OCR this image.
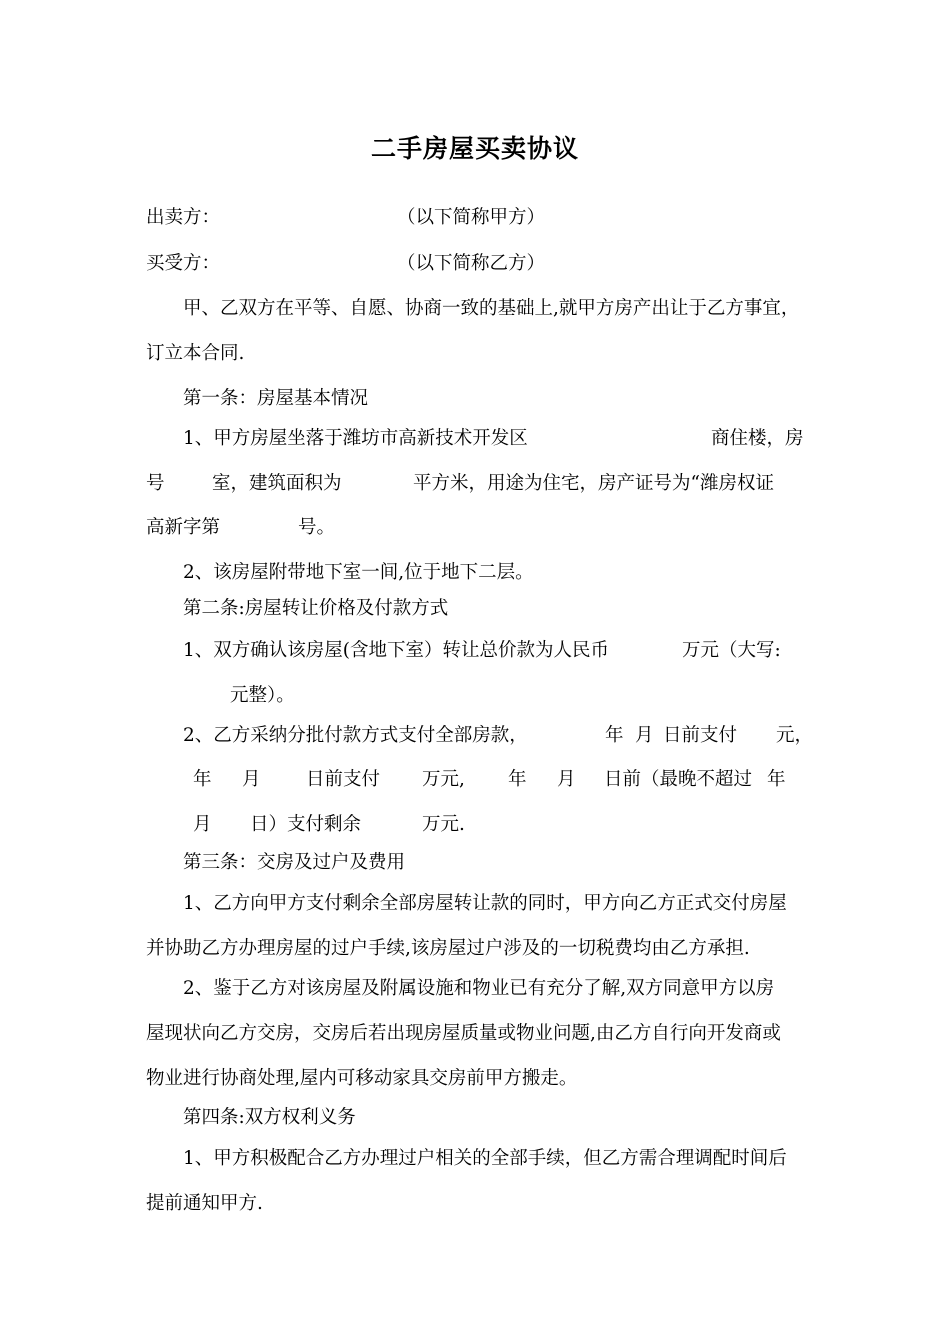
二手房屋买卖协议
出卖方：	（以下简称甲方）
买受方：	（以下简称乙方）
甲、乙双方在平等、自愿、协商一致的基础上,就甲方房产出让于乙方事宜，
订立本合同.
第一条：房屋基本情况
1、甲方房屋坐落于潍坊市高新技术开发区	商住楼，房
号	室，建筑面积为	平方米，用途为住宅，房产证号为“潍房权证
高新字第	号。
2、该房屋附带地下室一间,位于地下二层。
第二条:房屋转让价格及付款方式
1、双方确认该房屋(含地下室）转让总价款为人民币	万元（大写:
元整）。
2、乙方采纳分批付款方式支付全部房款，	年 月 日前支付 元，
年 月 日前支付 万元, 年 月 日前（最晚不超过 年
月 日）支付剩余	万元.
第三条：交房及过户及费用
1、乙方向甲方支付剩余全部房屋转让款的同时，甲方向乙方正式交付房屋
并协助乙方办理房屋的过户手续,该房屋过户涉及的一切税费均由乙方承担.
2、鉴于乙方对该房屋及附属设施和物业已有充分了解,双方同意甲方以房
屋现状向乙方交房，交房后若出现房屋质量或物业问题,由乙方自行向开发商或
物业进行协商处理,屋内可移动家具交房前甲方搬走。
第四条:双方权利义务
1、甲方积极配合乙方办理过户相关的全部手续，但乙方需合理调配时间后
提前通知甲方.
